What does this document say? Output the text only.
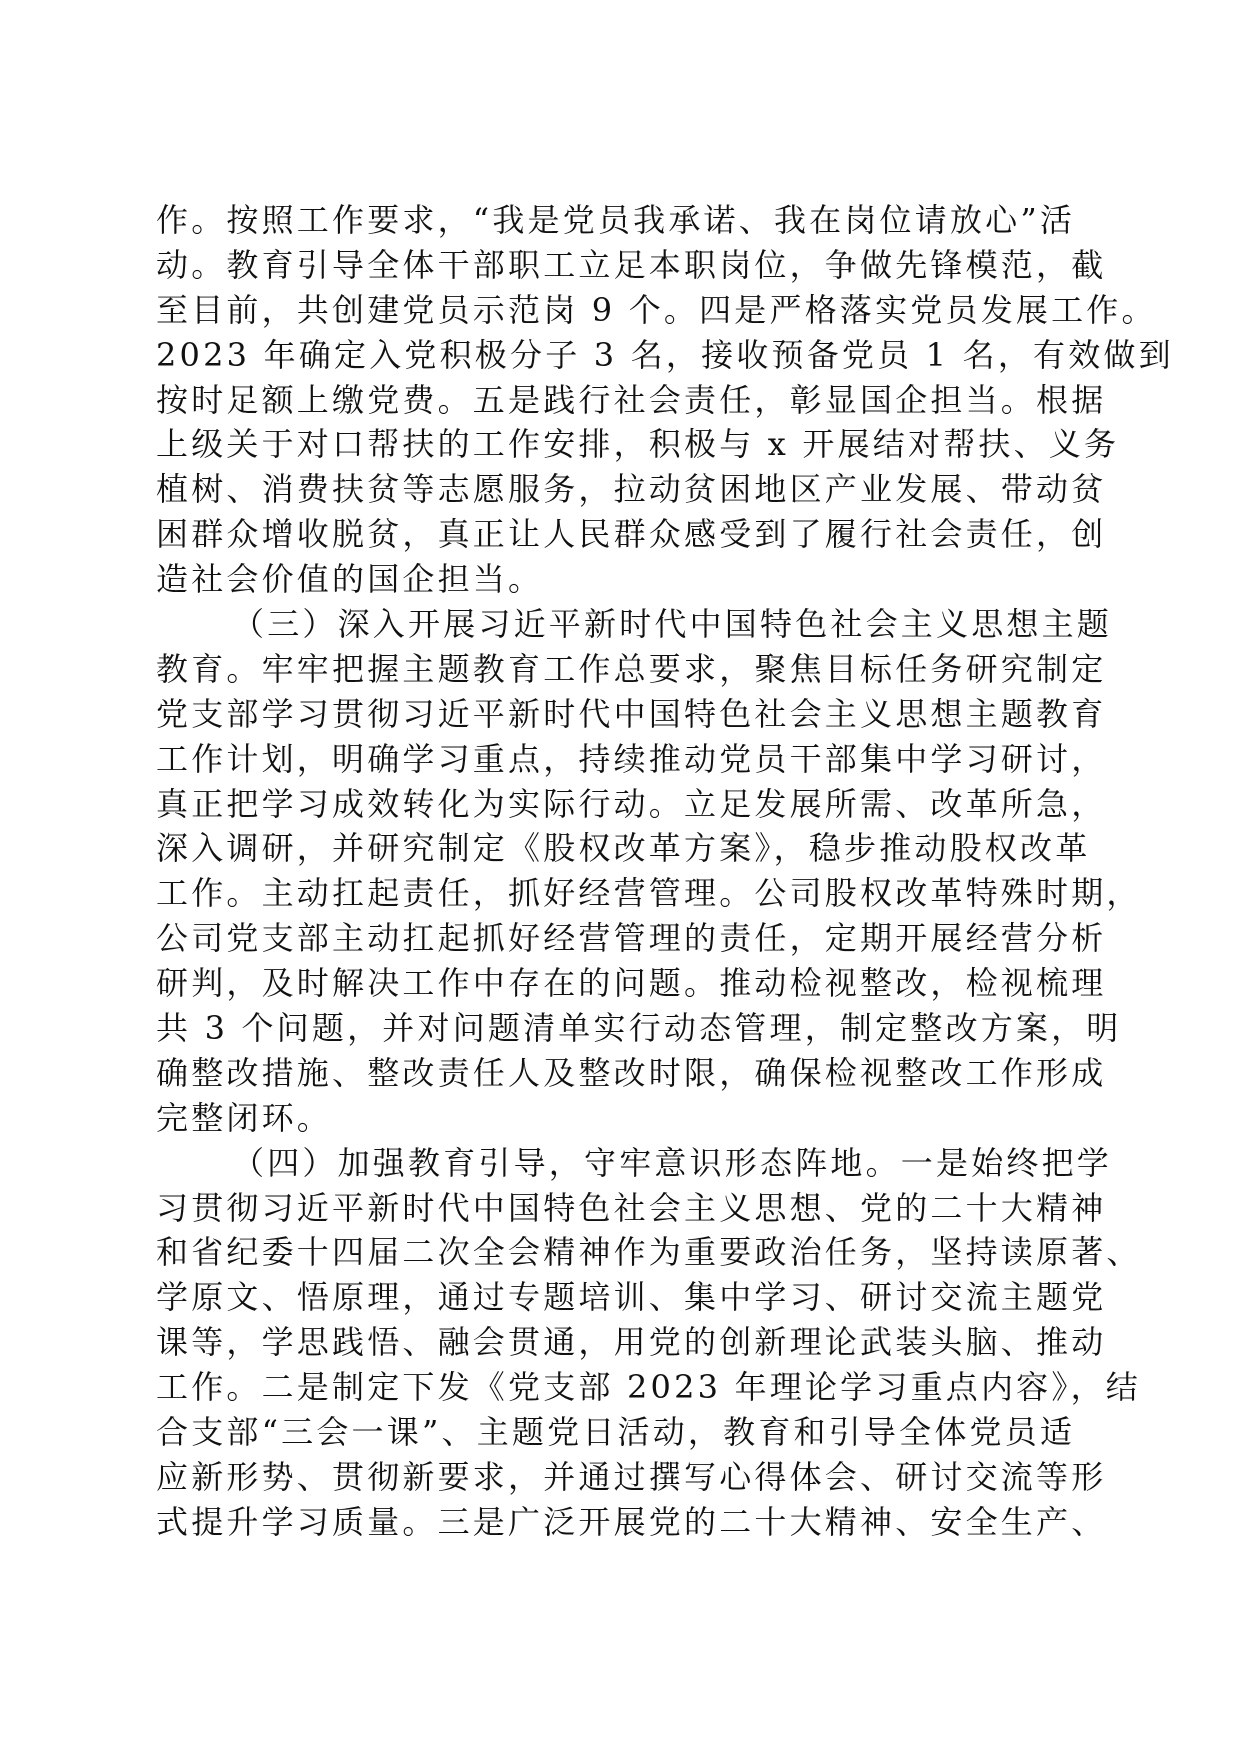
作。按照工作要求，“我是党员我承诺、我在岗位请放心”活
动。教育引导全体干部职工立足本职岗位，争做先锋模范，截
至目前，共创建党员示范岗 9 个。四是严格落实党员发展工作。
2023 年确定入党积极分子 3 名，接收预备党员 1 名，有效做到
按时足额上缴党费。五是践行社会责任，彰显国企担当。根据
上级关于对口帮扶的工作安排，积极与 x 开展结对帮扶、义务
植树、消费扶贫等志愿服务，拉动贫困地区产业发展、带动贫
困群众增收脱贫，真正让人民群众感受到了履行社会责任，创
造社会价值的国企担当。
（三）深入开展习近平新时代中国特色社会主义思想主题
教育。牢牢把握主题教育工作总要求，聚焦目标任务研究制定
党支部学习贯彻习近平新时代中国特色社会主义思想主题教育
工作计划，明确学习重点，持续推动党员干部集中学习研讨，
真正把学习成效转化为实际行动。立足发展所需、改革所急，
深入调研，并研究制定《股权改革方案》，稳步推动股权改革
工作。主动扛起责任，抓好经营管理。公司股权改革特殊时期，
公司党支部主动扛起抓好经营管理的责任，定期开展经营分析
研判，及时解决工作中存在的问题。推动检视整改，检视梳理
共 3 个问题，并对问题清单实行动态管理，制定整改方案，明
确整改措施、整改责任人及整改时限，确保检视整改工作形成
完整闭环。
（四）加强教育引导，守牢意识形态阵地。一是始终把学
习贯彻习近平新时代中国特色社会主义思想、党的二十大精神
和省纪委十四届二次全会精神作为重要政治任务，坚持读原著、
学原文、悟原理，通过专题培训、集中学习、研讨交流主题党
课等，学思践悟、融会贯通，用党的创新理论武装头脑、推动
工作。二是制定下发《党支部 2023 年理论学习重点内容》，结
合支部“三会一课”、主题党日活动，教育和引导全体党员适
应新形势、贯彻新要求，并通过撰写心得体会、研讨交流等形
式提升学习质量。三是广泛开展党的二十大精神、安全生产、
